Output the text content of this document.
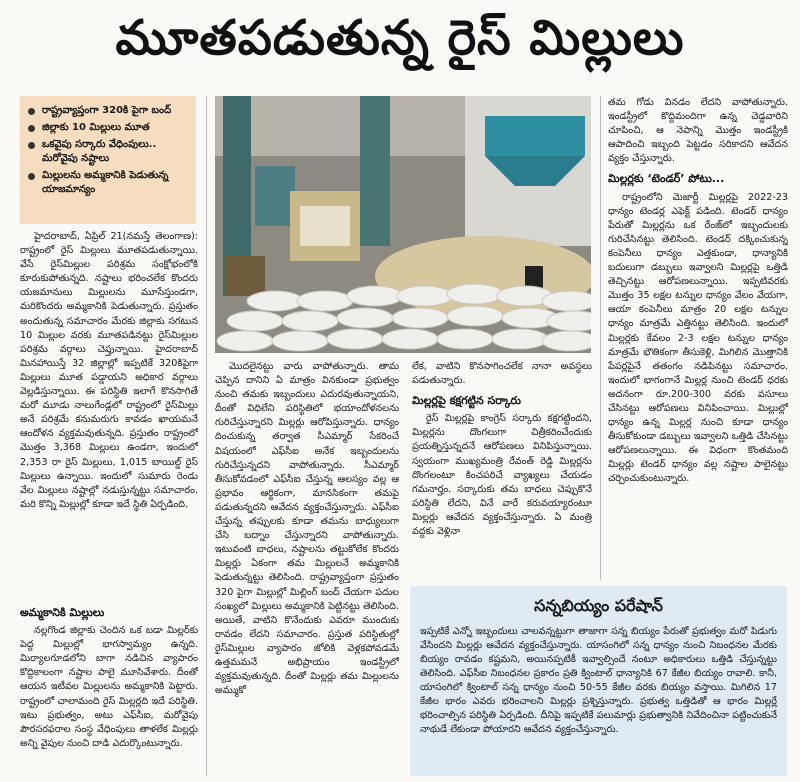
మూతపడుతున్న రైస్‌ మిల్లులు
రాష్ట్రవ్యాప్తంగా 320కి పైగా బంద్‌
జిల్లాకు 10 మిల్లులు మూత
ఒకవైపు సర్కారు వేధింపులు.. మరోవైపు నష్టాలు
మిల్లులను అమ్మకానికి పెడుతున్న యాజమాన్యం

హైదరాబాద్‌, ఏప్రిల్‌ 21(నమస్తే తెలంగాణ): రాష్ట్రంలో రైస్‌ మిల్లులు మూతపడుతున్నాయి. వేసే రైస్‌మిల్లుల పరిశ్రమ సంక్షోభంలోకి కూరుకుపోతున్నది. నష్టాలు భరించలేక కొందరు యజమానులు మిల్లులను మూసేస్తుండగా, మరికొందరు అమ్మకానికి పెడుతున్నారు. ప్రస్తుతం అందుతున్న సమాచారం మేరకు జిల్లాకు సగటున 10 మిల్లుల వరకు మూతపడినట్టు రైస్‌మిల్లుల పరిశ్రమ వర్గాలు చెప్తున్నాయి. హైదరాబాద్‌ మినహాయిస్తే 32 జిల్లాల్లో ఇప్పటికే 320కిపైగా మిల్లులు మూత పడ్డాయని అధికార వర్గాలు వెల్లడిస్తున్నాయి. ఈ పరిస్థితి ఇలాగే కొనసాగితే మరో మూడు నాలుగేండ్లలో రాష్ట్రంలో రైస్‌మిల్లు అనే పరిశ్రమే కనుమరుగు కావడం ఖాయమనే ఆందోళన వ్యక్తమవుతున్నది. ప్రస్తుతం రాష్ట్రంలో మొత్తం 3,368 మిల్లులు ఉండగా, ఇందులో 2,353 రా రైస్‌ మిల్లులు, 1,015 బాయిల్డ్‌ రైస్‌ మిల్లులు ఉన్నాయి. ఇందులో సుమారు రెండు వేల మిల్లులు నష్టాల్లో నడుస్తున్నట్టు సమాచారం. మరి కొన్ని మిల్లుల్లో కూడా ఇదే స్థితి ఏర్పడింది.

అమ్మకానికి మిల్లులు

నల్లగొండ జిల్లాకు చెందిన ఒక బడా మిల్లర్‌కు పెద్ద మిల్లుల్లో భాగస్వామ్యం ఉన్నది. మిర్యాలగూడలోని బాగా నడిచిన వ్యాపారం కొద్దికాలంగా నష్టాల పాలై మూసివేశారు. దీంతో ఆయన ఇటీవల మిల్లులను అమ్మకానికి పెట్టారు. రాష్ట్రంలో చాలామంది రైస్‌ మిల్లర్లది ఇదే పరిస్థితి. ఇటు ప్రభుత్వం, అటు ఎఫ్‌సీఐ, మరోవైపు పౌరసరఫరాల సంస్థ వేధింపులు తాళలేక మిల్లర్లు అన్ని వైపుల నుంచి దాడి ఎదుర్కొంటున్నారు.

మొదలైనట్టు వారు వాపోతున్నారు. తామ చెప్పిన దానిని ఏ మాత్రం వినకుండా ప్రభుత్వం నుంచి తమకు ఇబ్బందులు ఎదురవుతున్నాయని, దీంతో విధిలేని పరిస్థితిలో భయాందోళనలను గురిచేస్తున్నారని మిల్లర్లు ఆరోపిస్తున్నారు. ధాన్యం దించుకున్న తర్వాత సీఎమ్మార్‌ సేకరించే విషయంలో ఎఫ్‌సీఐ అనేక ఇబ్బందులను గురిచేస్తున్నదని వాపోతున్నారు. సీఎమ్మార్‌ తీసుకోవడంలో ఎఫ్‌సీఐ చేస్తున్న ఆలస్యం వల్ల ఆ ప్రభావం ఆర్థికంగా, మానసికంగా తమపై పడుతున్నదని ఆవేదన వ్యక్తంచేస్తున్నారు. ఎఫ్‌సీఐ చేస్తున్న తప్పులకు కూడా తమను బాధ్యులుగా చేసి బద్నాం చేస్తున్నారని వాపోతున్నారు. ఇటువంటి బాధలు, నష్టాలను తట్టుకోలేక కొందరు మిల్లర్లు ఏకంగా తమ మిల్లులనే అమ్మకానికి పెడుతున్నట్టు తెలిసింది. రాష్ట్రవ్యాప్తంగా ప్రస్తుతం 320 పైగా మిల్లుల్లో మిల్లింగ్‌ బంద్‌ చేయగా పదుల సంఖ్యలో మిల్లులు అమ్మకానికి పెట్టినట్టు తెలిసింది. అయితే, వాటిని కొనేందుకు ఎవరూ ముందుకు రావడం లేదని సమాచారం. ప్రస్తుత పరిస్థితుల్లో రైస్‌మిల్లుల వ్యాపారం జోలికి వెళ్లకపోవడమే ఉత్తమమనే అభిప్రాయం ఇండస్ట్రీలో వ్యక్తమవుతున్నది. దీంతో మిల్లర్లు తమ మిల్లులను అమ్ముకో

లేక, వాటిని కొనసాగించలేక నానా అవస్థలు పడుతున్నారు.

మిల్లర్లపై కక్షగట్టిన సర్కారు

రైస్‌ మిల్లర్లపై కాంగ్రెస్‌ సర్కారు కక్షగట్టిందని, మిల్లర్లను దొంగలుగా చిత్రీకరించేందుకు ప్రయత్నిస్తున్నదనే ఆరోపణలు వినిపిస్తున్నాయి. స్వయంగా ముఖ్యమంత్రి రేవంత్‌ రెడ్డి మిల్లర్లను దొంగలంటూ కించపరిచే వ్యాఖ్యలు చేయడం గమనార్హం. సర్కారుకు తమ బాధలు చెప్పుకొనే పరిస్థితి లేదని, వినే వారే కరువయ్యారంటూ మిల్లర్లు ఆవేదన వ్యక్తంచేస్తున్నారు. ఏ మంత్రి వద్దకు వెళ్లినా

తమ గోడు వినడం లేదని వాపోతున్నారు. ఇండస్ట్రీలో కొద్దిమందిగా ఉన్న చెడ్డవారిని చూపించి, ఆ నెపాన్ని మొత్తం ఇండస్ట్రీకి ఆపాదించి ఇబ్బంది పెట్టడం సరికాదని ఆవేదన వ్యక్తం చేస్తున్నారు.

మిల్లర్లకు ‘టెండర్‌’ పోటు...

రాష్ట్రంలోని మెజార్టీ మిల్లర్లపై 2022-23 ధాన్యం టెండర్ల ఎఫెక్ట్‌ పడింది. టెండర్‌ ధాన్యం పేరుతో మిల్లర్లను ఒక రేంజ్‌లో ఇబ్బందులకు గురిచేసినట్టు తెలిసింది. టెండర్‌ దక్కించుకున్న కంపెనీలు ధాన్యం ఎత్తకుండా, ధాన్యానికి బదులుగా డబ్బులు ఇవ్వాలని మిల్లర్లపై ఒత్తిడి తెచ్చినట్టు ఆరోపణలున్నాయి. ఇప్పటివరకు మొత్తం 35 లక్షల టన్నుల ధాన్యం వేలం వేయగా, ఆయా కంపెనీలు మాత్రం 20 లక్షల టన్నుల ధాన్యం మాత్రమే ఎత్తినట్టు తెలిసింది. ఇందులో మిల్లర్లకు కేవలం 2-3 లక్షల టన్నుల ధాన్యం మాత్రమే భౌతికంగా తీసుకెళ్లి, మిగిలిన మొత్తానికి పేపర్లపైనే తతంగం నడిపినట్టు సమాచారం. ఇందులో భాగంగానే మిల్లర్ల నుంచి టెండర్‌ ధరకు అదనంగా రూ.200-300 వరకు వసూలు చేసినట్టు ఆరోపణలు వినిపించాయి. మిల్లుల్లో ధాన్యం ఉన్న మిల్లర్ల నుంచి కూడా ధాన్యం తీసుకోకుండా డబ్బులు ఇవ్వాలని ఒత్తిడి చేసినట్టు ఆరోపణలున్నాయి. ఈ విధంగా కొంతమంది మిల్లర్లు టెండర్‌ ధాన్యం వల్ల నష్టాల పాలైనట్టు చర్చించుకుంటున్నారు.

సన్నబియ్యం పరేషాన్‌
ఇప్పటికే ఎన్నో ఇబ్బందులు చాలవన్నట్టుగా తాజాగా సన్న బియ్యం పేరుతో ప్రభుత్వం మరో పిడుగు వేసిందని మిల్లర్లు ఆవేదన వ్యక్తంచేస్తున్నారు. యాసంగిలో సన్న ధాన్యం నుంచి నిబంధనల మేరకు బియ్యం రావడం కష్టమని, అయినప్పటికీ ఇవ్వాల్సిందే నంటూ అధికారులు ఒత్తిడి చేస్తున్నట్టు తెలిసింది. ఎఫ్‌సీఐ నిబంధనల ప్రకారం ప్రతి క్వింటాల్‌ ధాన్యానికి 67 కేజీల బియ్యం రావాలి. కానీ, యాసంగిలో క్వింటాల్‌ సన్న ధాన్యం నుంచి 50-55 కేజీల వరకు బియ్యం వస్తాయి. మిగిలిన 17 కేజీల భారం ఎవరు భరించాలని మిల్లర్లు ప్రశ్నిస్తున్నారు. ప్రభుత్వ ఒత్తిడితో ఆ భారం మిల్లర్లే భరించాల్సిన పరిస్థితి ఏర్పడింది. దీనిపై ఇప్పటికే పలుమార్లు ప్రభుత్వానికి నివేదించినా పట్టించుకునే నాథుడే లేకుండా పోయారని ఆవేదన వ్యక్తంచేస్తున్నారు.
